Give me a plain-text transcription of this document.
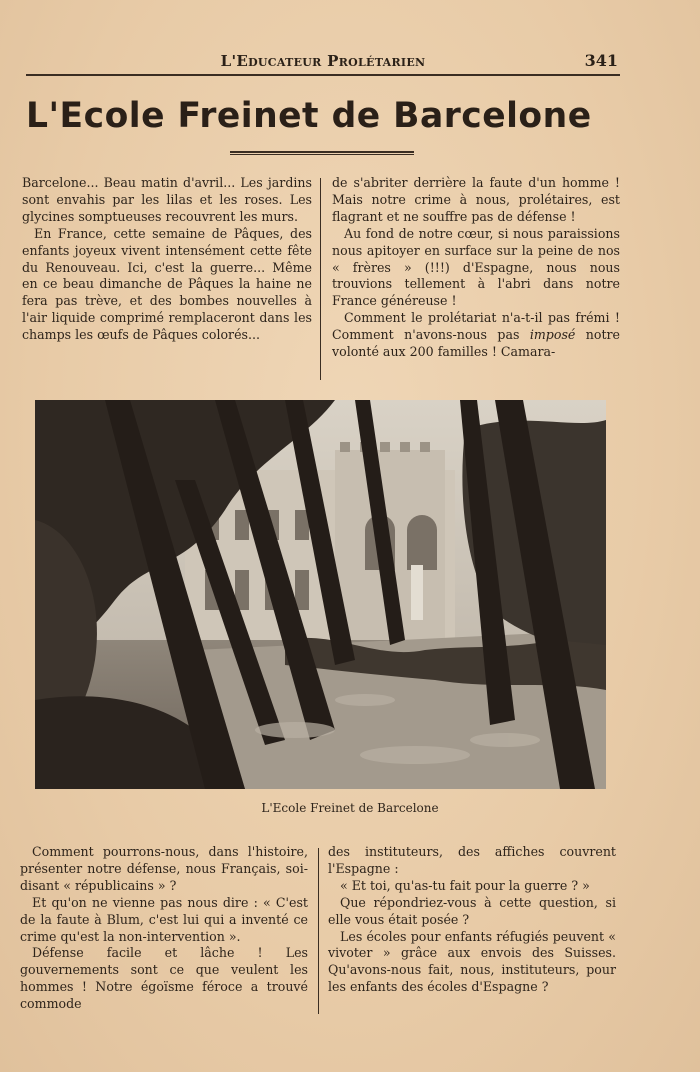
L'Educateur Prolétarien	341
L'Ecole Freinet de Barcelone

Barcelone... Beau matin d'avril... Les jardins sont envahis par les lilas et les roses. Les glycines somptueuses recouvrent les murs.

En France, cette semaine de Pâques, des enfants joyeux vivent intensément cette fête du Renouveau. Ici, c'est la guerre... Même en ce beau dimanche de Pâques la haine ne fera pas trève, et des bombes nouvelles à l'air liquide comprimé remplaceront dans les champs les œufs de Pâques colorés...

de s'abriter derrière la faute d'un homme ! Mais notre crime à nous, prolétaires, est flagrant et ne souffre pas de défense !

Au fond de notre cœur, si nous paraissions nous apitoyer en surface sur la peine de nos « frères » (!!!) d'Espagne, nous nous trouvions tellement à l'abri dans notre France généreuse !

Comment le prolétariat n'a-t-il pas frémi ! Comment n'avons-nous pas imposé notre volonté aux 200 familles ! Camara-

L'Ecole Freinet de Barcelone

Comment pourrons-nous, dans l'histoire, présenter notre défense, nous Français, soi-disant « républicains » ?

Et qu'on ne vienne pas nous dire : « C'est de la faute à Blum, c'est lui qui a inventé ce crime qu'est la non-intervention ».

Défense facile et lâche ! Les gouvernements sont ce que veulent les hommes ! Notre égoïsme féroce a trouvé commode

des instituteurs, des affiches couvrent l'Espagne :

« Et toi, qu'as-tu fait pour la guerre ? »

Que répondriez-vous à cette question, si elle vous était posée ?

Les écoles pour enfants réfugiés peuvent « vivoter » grâce aux envois des Suisses. Qu'avons-nous fait, nous, instituteurs, pour les enfants des écoles d'Espagne ?
